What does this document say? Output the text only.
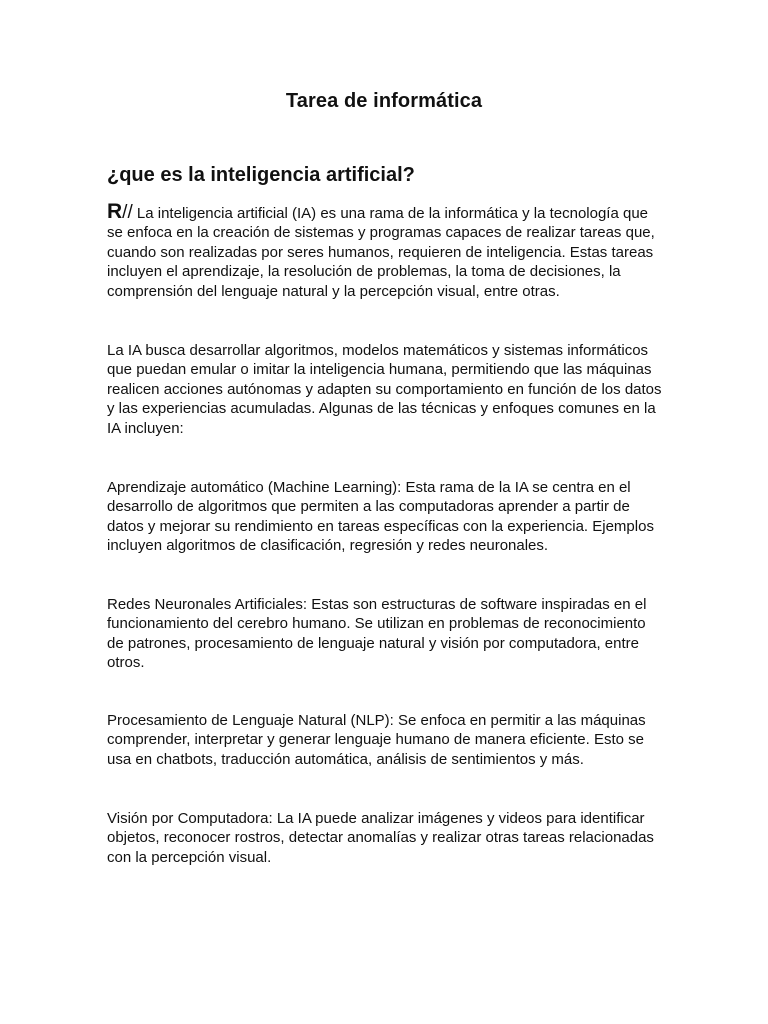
Tarea de informática
¿que es la inteligencia artificial?

R// La inteligencia artificial (IA) es una rama de la informática y la tecnología que se enfoca en la creación de sistemas y programas capaces de realizar tareas que, cuando son realizadas por seres humanos, requieren de inteligencia. Estas tareas incluyen el aprendizaje, la resolución de problemas, la toma de decisiones, la comprensión del lenguaje natural y la percepción visual, entre otras.

La IA busca desarrollar algoritmos, modelos matemáticos y sistemas informáticos que puedan emular o imitar la inteligencia humana, permitiendo que las máquinas realicen acciones autónomas y adapten su comportamiento en función de los datos y las experiencias acumuladas. Algunas de las técnicas y enfoques comunes en la IA incluyen:

Aprendizaje automático (Machine Learning): Esta rama de la IA se centra en el desarrollo de algoritmos que permiten a las computadoras aprender a partir de datos y mejorar su rendimiento en tareas específicas con la experiencia. Ejemplos incluyen algoritmos de clasificación, regresión y redes neuronales.

Redes Neuronales Artificiales: Estas son estructuras de software inspiradas en el funcionamiento del cerebro humano. Se utilizan en problemas de reconocimiento de patrones, procesamiento de lenguaje natural y visión por computadora, entre otros.

Procesamiento de Lenguaje Natural (NLP): Se enfoca en permitir a las máquinas comprender, interpretar y generar lenguaje humano de manera eficiente. Esto se usa en chatbots, traducción automática, análisis de sentimientos y más.

Visión por Computadora: La IA puede analizar imágenes y videos para identificar objetos, reconocer rostros, detectar anomalías y realizar otras tareas relacionadas con la percepción visual.
